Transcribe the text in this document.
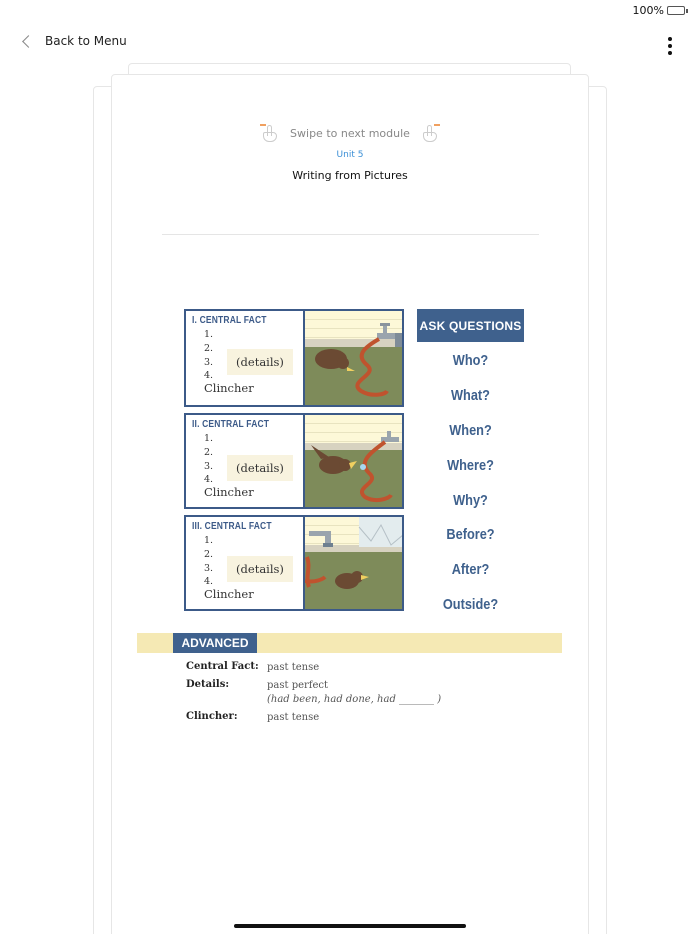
100%
Back to Menu
Swipe to next module
Unit 5
Writing from Pictures
I. CENTRAL FACT
1.
2.
3.
4.
Clincher
(details)
II. CENTRAL FACT
1.
2.
3.
4.
Clincher
(details)
III. CENTRAL FACT
1.
2.
3.
4.
Clincher
(details)
ASK QUESTIONS
Who?
What?
When?
Where?
Why?
Before?
After?
Outside?
ADVANCED
Central Fact: past tense
Details:	past perfect
(had been, had done, had _______ )
Clincher:	past tense
